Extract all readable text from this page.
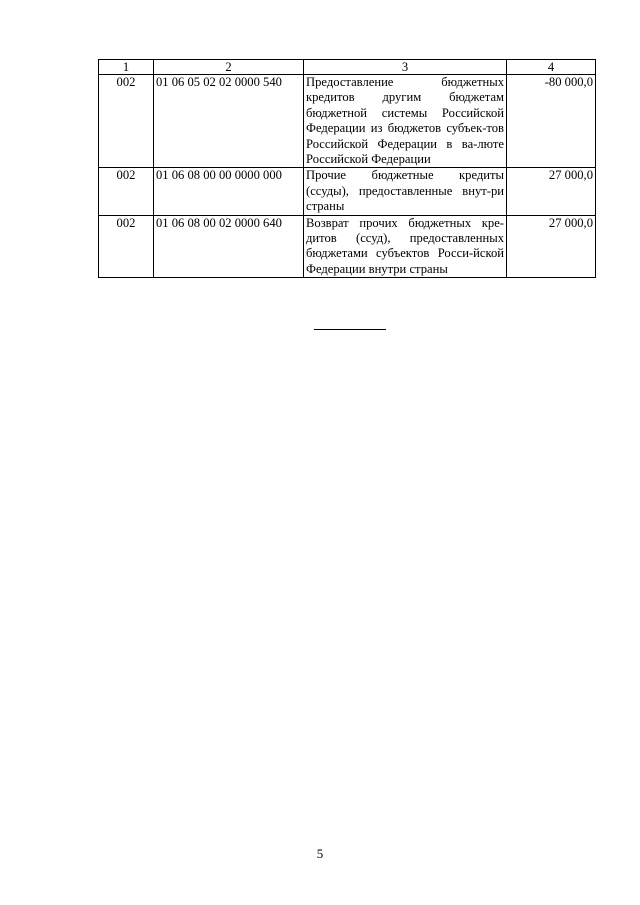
1	2	3	4
002	01 06 05 02 02 0000 540	Предоставление бюджетных кредитов другим бюджетам бюджетной системы Российской Федерации из бюджетов субъек-тов Российской Федерации в ва-люте Российской Федерации	-80 000,0
002	01 06 08 00 00 0000 000	Прочие бюджетные кредиты (ссуды), предоставленные внут-ри страны	27 000,0
002	01 06 08 00 02 0000 640	Возврат прочих бюджетных кре-дитов (ссуд), предоставленных бюджетами субъектов Росси-йской Федерации внутри страны	27 000,0
5
